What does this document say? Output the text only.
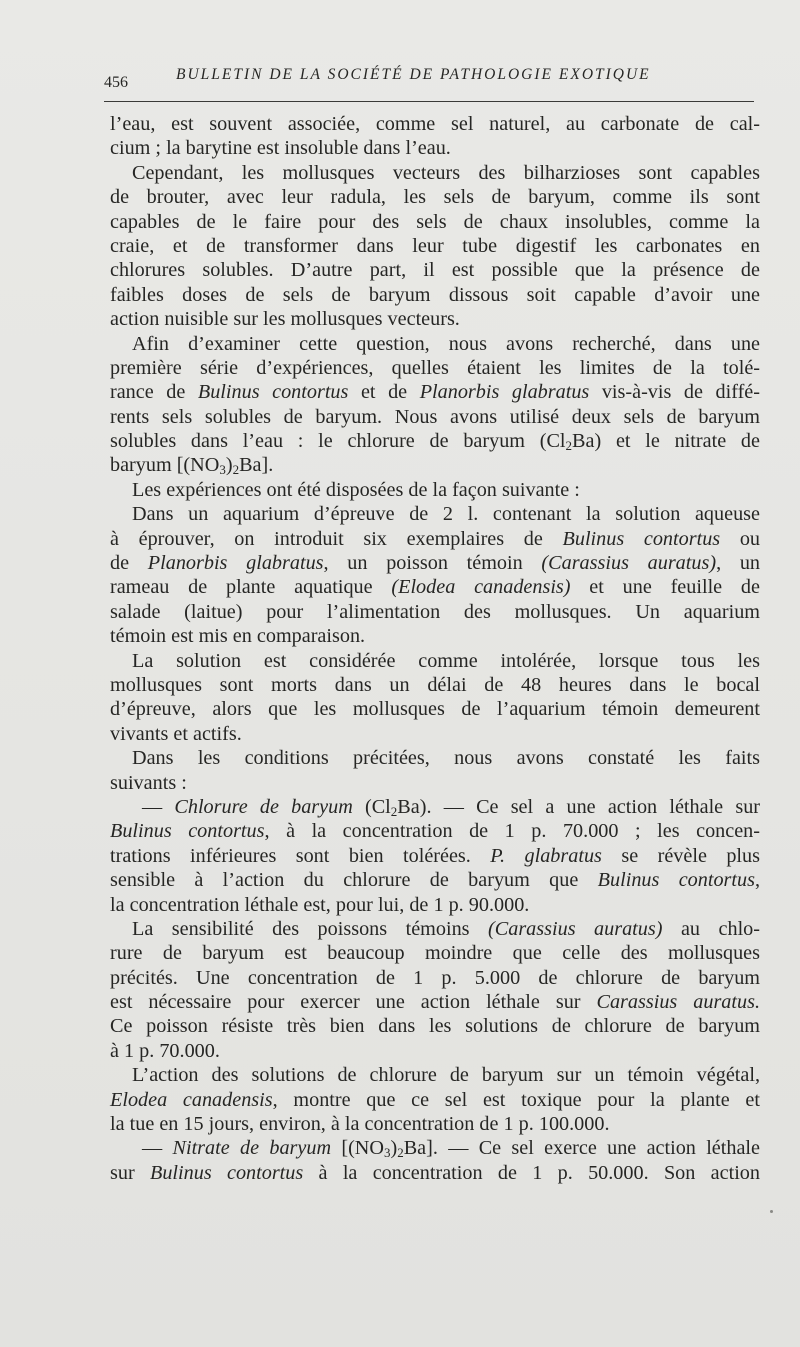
456	BULLETIN DE LA SOCIÉTÉ DE PATHOLOGIE EXOTIQUE
l’eau, est souvent associée, comme sel naturel, au carbonate de cal-
cium ; la barytine est insoluble dans l’eau.
Cependant, les mollusques vecteurs des bilharzioses sont capables
de brouter, avec leur radula, les sels de baryum, comme ils sont
capables de le faire pour des sels de chaux insolubles, comme la
craie, et de transformer dans leur tube digestif les carbonates en
chlorures solubles. D’autre part, il est possible que la présence de
faibles doses de sels de baryum dissous soit capable d’avoir une
action nuisible sur les mollusques vecteurs.
Afin d’examiner cette question, nous avons recherché, dans une
première série d’expériences, quelles étaient les limites de la tolé-
rance de Bulinus contortus et de Planorbis glabratus vis-à-vis de diffé-
rents sels solubles de baryum. Nous avons utilisé deux sels de baryum
solubles dans l’eau : le chlorure de baryum $(Cl_2Ba)$ et le nitrate de
baryum $[(NO_3)_2Ba]$.
Les expériences ont été disposées de la façon suivante :
Dans un aquarium d’épreuve de 2 l. contenant la solution aqueuse
à éprouver, on introduit six exemplaires de Bulinus contortus ou
de Planorbis glabratus, un poisson témoin (Carassius auratus), un
rameau de plante aquatique (Elodea canadensis) et une feuille de
salade (laitue) pour l’alimentation des mollusques. Un aquarium
témoin est mis en comparaison.
La solution est considérée comme intolérée, lorsque tous les
mollusques sont morts dans un délai de 48 heures dans le bocal
d’épreuve, alors que les mollusques de l’aquarium témoin demeurent
vivants et actifs.
Dans les conditions précitées, nous avons constaté les faits
suivants :
— Chlorure de baryum $(Cl_2Ba)$. — Ce sel a une action léthale sur
Bulinus contortus, à la concentration de 1 p. 70.000 ; les concen-
trations inférieures sont bien tolérées. P. glabratus se révèle plus
sensible à l’action du chlorure de baryum que Bulinus contortus,
la concentration léthale est, pour lui, de 1 p. 90.000.
La sensibilité des poissons témoins (Carassius auratus) au chlo-
rure de baryum est beaucoup moindre que celle des mollusques
précités. Une concentration de 1 p. 5.000 de chlorure de baryum
est nécessaire pour exercer une action léthale sur Carassius auratus.
Ce poisson résiste très bien dans les solutions de chlorure de baryum
à 1 p. 70.000.
L’action des solutions de chlorure de baryum sur un témoin végétal,
Elodea canadensis, montre que ce sel est toxique pour la plante et
la tue en 15 jours, environ, à la concentration de 1 p. 100.000.
— Nitrate de baryum $[(NO_3)_2Ba]$. — Ce sel exerce une action léthale
sur Bulinus contortus à la concentration de 1 p. 50.000. Son action
